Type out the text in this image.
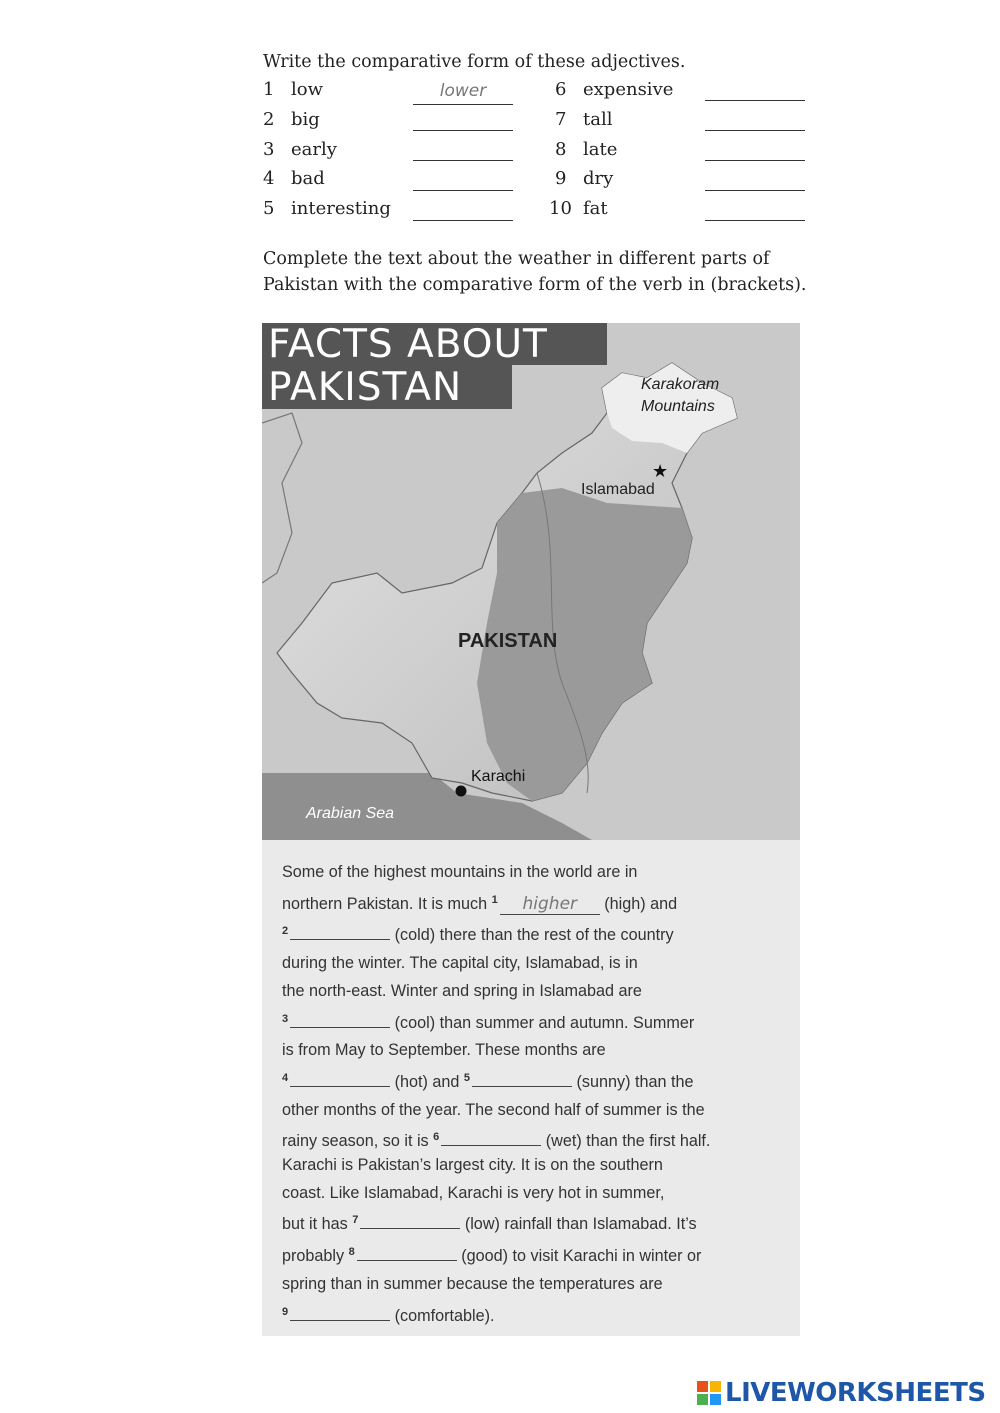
Write the comparative form of these adjectives.
1 low	lower
2 big
3 early
4 bad
5 interesting
6 expensive
7 tall
8 late
9 dry
10 fat
Complete the text about the weather in different parts of
Pakistan with the comparative form of the verb in (brackets).
★
FACTS ABOUT
PAKISTAN	Karakoram
Mountains
Islamabad
PAKISTAN
Karachi
Arabian Sea
Some of the highest mountains in the world are in
northern Pakistan. It is much $^1$ higher (high) and
$^2$	(cold) there than the rest of the country
during the winter. The capital city, Islamabad, is in
the north-east. Winter and spring in Islamabad are
$^3$	(cool) than summer and autumn. Summer
is from May to September. These months are
$^4$	(hot) and $^5$	(sunny) than the
other months of the year. The second half of summer is the
rainy season, so it is $^6$	(wet) than the first half.
Karachi is Pakistan’s largest city. It is on the southern
coast. Like Islamabad, Karachi is very hot in summer,
but it has $^7$	(low) rainfall than Islamabad. It’s
probably $^8$	(good) to visit Karachi in winter or
spring than in summer because the temperatures are
$^9$	(comfortable).
LIVEWORKSHEETS
